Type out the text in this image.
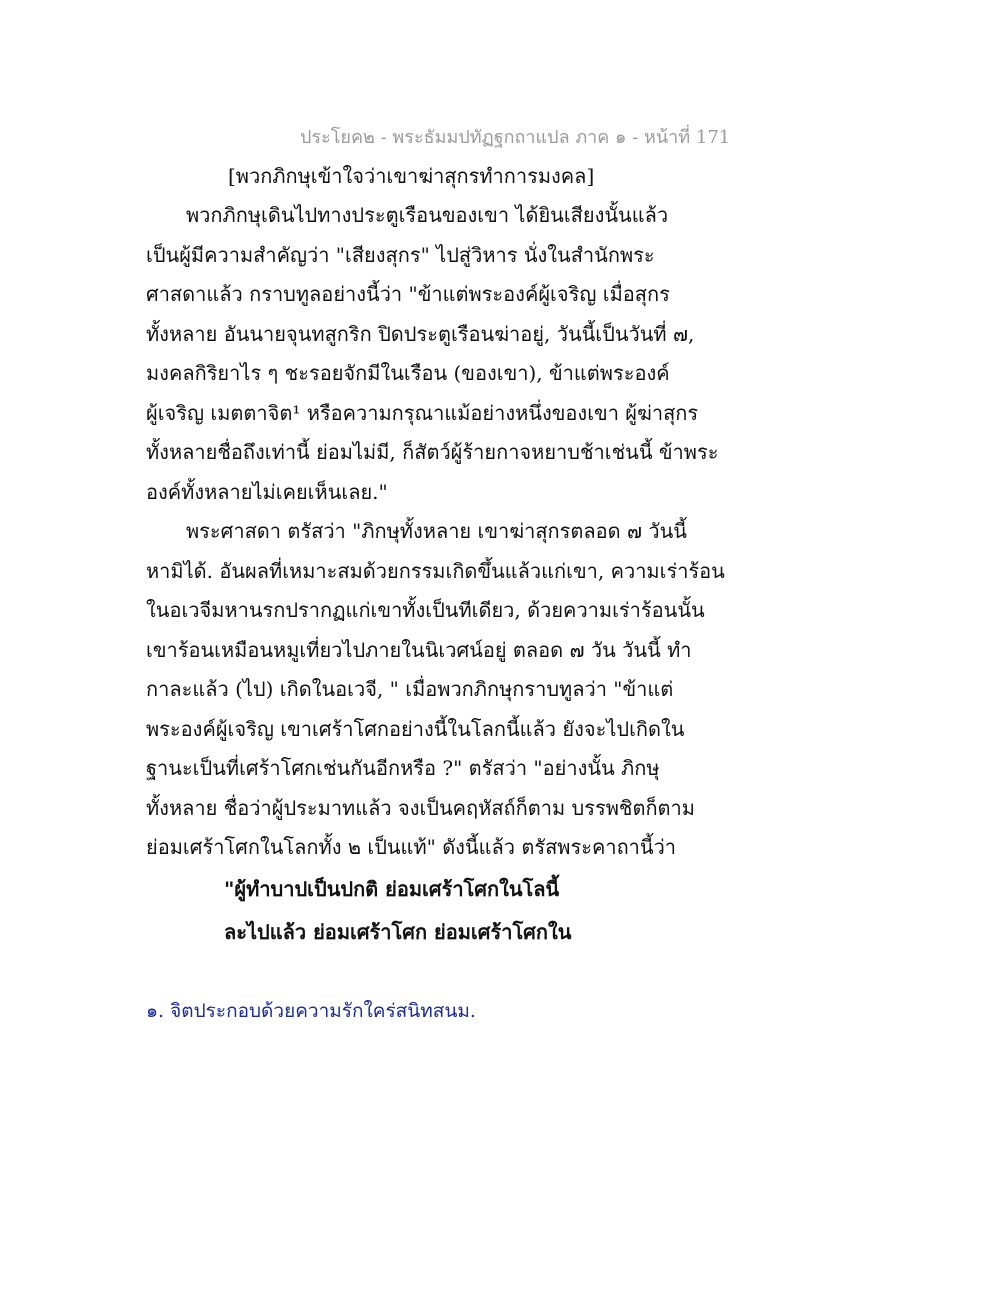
ประโยค๒ - พระธัมมปทัฏฐกถาแปล ภาค ๑ - หน้าที่ 171
[พวกภิกษุเข้าใจว่าเขาฆ่าสุกรทำการมงคล]
พวกภิกษุเดินไปทางประตูเรือนของเขา ได้ยินเสียงนั้นแล้ว
เป็นผู้มีความสำคัญว่า "เสียงสุกร" ไปสู่วิหาร นั่งในสำนักพระ
ศาสดาแล้ว กราบทูลอย่างนี้ว่า "ข้าแต่พระองค์ผู้เจริญ เมื่อสุกร
ทั้งหลาย อันนายจุนทสูกริก ปิดประตูเรือนฆ่าอยู่, วันนี้เป็นวันที่ ๗,
มงคลกิริยาไร ๆ ชะรอยจักมีในเรือน (ของเขา), ข้าแต่พระองค์
ผู้เจริญ เมตตาจิต¹ หรือความกรุณาแม้อย่างหนึ่งของเขา ผู้ฆ่าสุกร
ทั้งหลายชื่อถึงเท่านี้ ย่อมไม่มี, ก็สัตว์ผู้ร้ายกาจหยาบช้าเช่นนี้ ข้าพระ
องค์ทั้งหลายไม่เคยเห็นเลย."
พระศาสดา ตรัสว่า "ภิกษุทั้งหลาย เขาฆ่าสุกรตลอด ๗ วันนี้
หามิได้. อันผลที่เหมาะสมด้วยกรรมเกิดขึ้นแล้วแก่เขา, ความเร่าร้อน
ในอเวจีมหานรกปรากฏแก่เขาทั้งเป็นทีเดียว, ด้วยความเร่าร้อนนั้น
เขาร้อนเหมือนหมูเที่ยวไปภายในนิเวศน์อยู่ ตลอด ๗ วัน วันนี้ ทำ
กาละแล้ว (ไป) เกิดในอเวจี, " เมื่อพวกภิกษุกราบทูลว่า "ข้าแต่
พระองค์ผู้เจริญ เขาเศร้าโศกอย่างนี้ในโลกนี้แล้ว ยังจะไปเกิดใน
ฐานะเป็นที่เศร้าโศกเช่นกันอีกหรือ ?" ตรัสว่า "อย่างนั้น ภิกษุ
ทั้งหลาย ชื่อว่าผู้ประมาทแล้ว จงเป็นคฤหัสถ์ก็ตาม บรรพชิตก็ตาม
ย่อมเศร้าโศกในโลกทั้ง ๒ เป็นแท้" ดังนี้แล้ว ตรัสพระคาถานี้ว่า
"ผู้ทำบาปเป็นปกติ ย่อมเศร้าโศกในโลนี้
ละไปแล้ว ย่อมเศร้าโศก ย่อมเศร้าโศกใน
๑. จิตประกอบด้วยความรักใคร่สนิทสนม.
